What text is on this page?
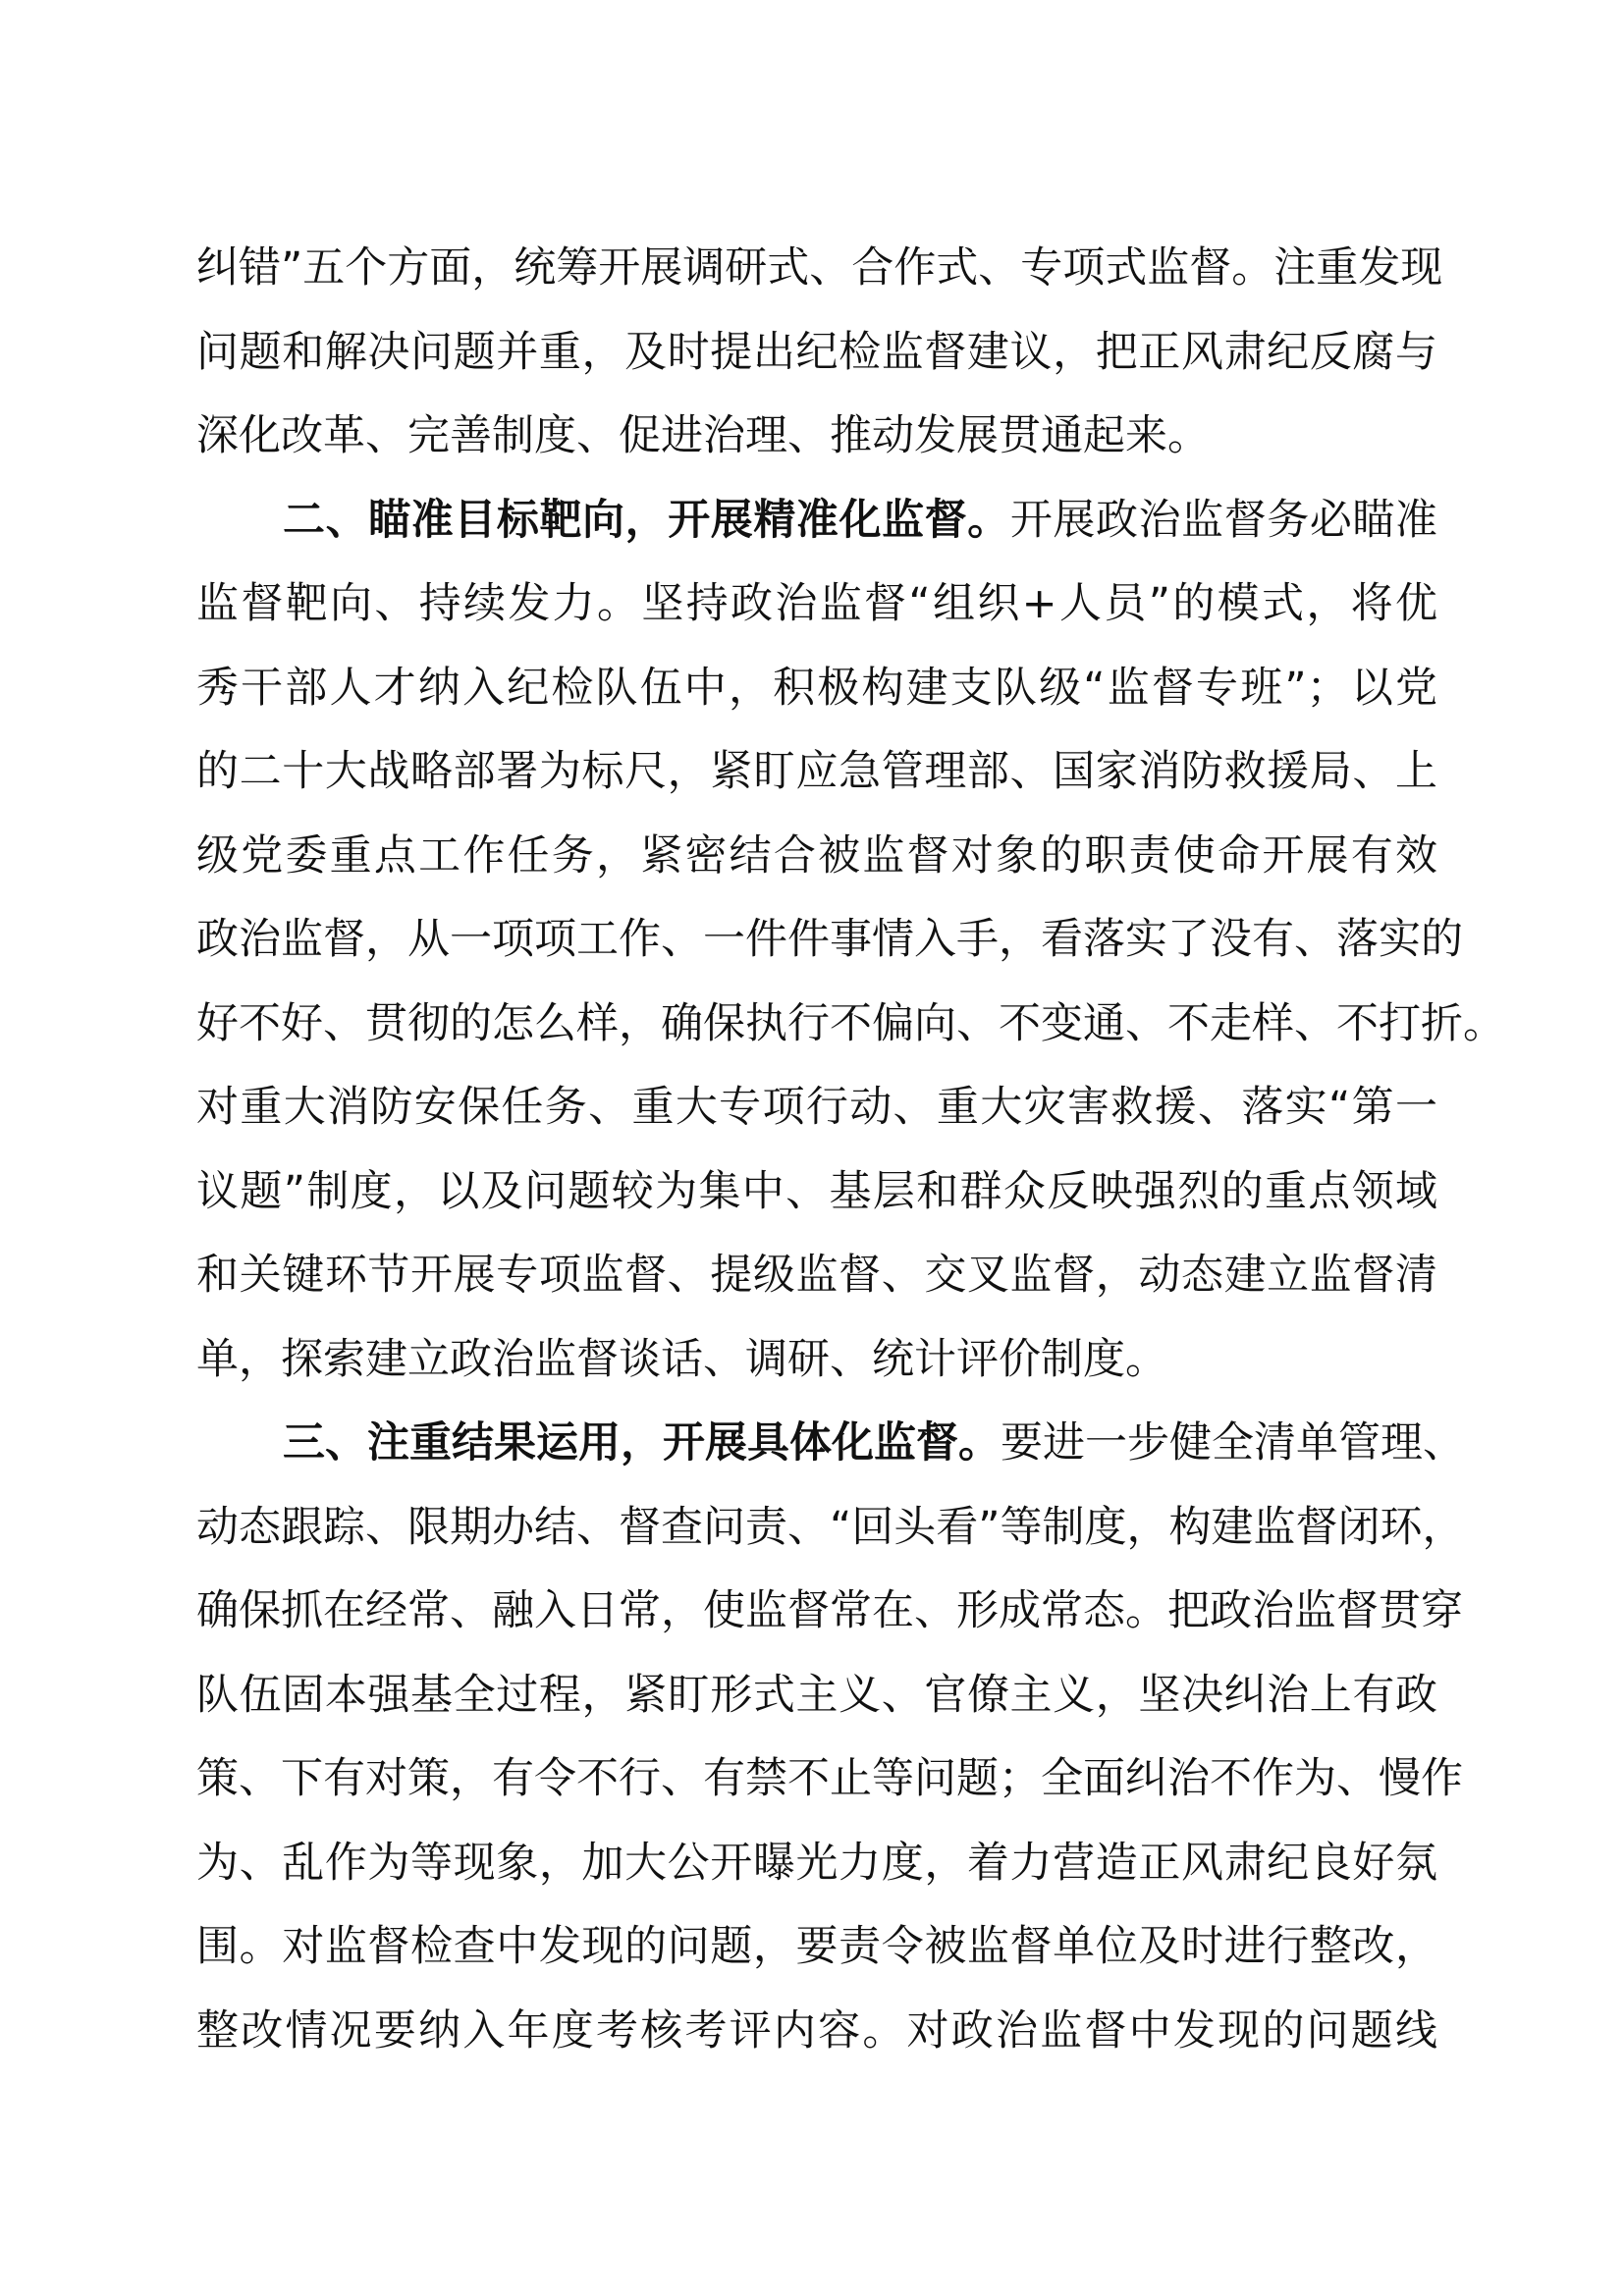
纠错”五个方面，统筹开展调研式、合作式、专项式监督。注重发现
问题和解决问题并重，及时提出纪检监督建议，把正风肃纪反腐与
深化改革、完善制度、促进治理、推动发展贯通起来。
二、瞄准目标靶向，开展精准化监督。开展政治监督务必瞄准
监督靶向、持续发力。坚持政治监督“组织+人员”的模式，将优
秀干部人才纳入纪检队伍中，积极构建支队级“监督专班”；以党
的二十大战略部署为标尺，紧盯应急管理部、国家消防救援局、上
级党委重点工作任务，紧密结合被监督对象的职责使命开展有效
政治监督，从一项项工作、一件件事情入手，看落实了没有、落实的
好不好、贯彻的怎么样，确保执行不偏向、不变通、不走样、不打折。
对重大消防安保任务、重大专项行动、重大灾害救援、落实“第一
议题”制度，以及问题较为集中、基层和群众反映强烈的重点领域
和关键环节开展专项监督、提级监督、交叉监督，动态建立监督清
单，探索建立政治监督谈话、调研、统计评价制度。
三、注重结果运用，开展具体化监督。要进一步健全清单管理、
动态跟踪、限期办结、督查问责、“回头看”等制度，构建监督闭环，
确保抓在经常、融入日常，使监督常在、形成常态。把政治监督贯穿
队伍固本强基全过程，紧盯形式主义、官僚主义，坚决纠治上有政
策、下有对策，有令不行、有禁不止等问题；全面纠治不作为、慢作
为、乱作为等现象，加大公开曝光力度，着力营造正风肃纪良好氛
围。对监督检查中发现的问题，要责令被监督单位及时进行整改，
整改情况要纳入年度考核考评内容。对政治监督中发现的问题线
